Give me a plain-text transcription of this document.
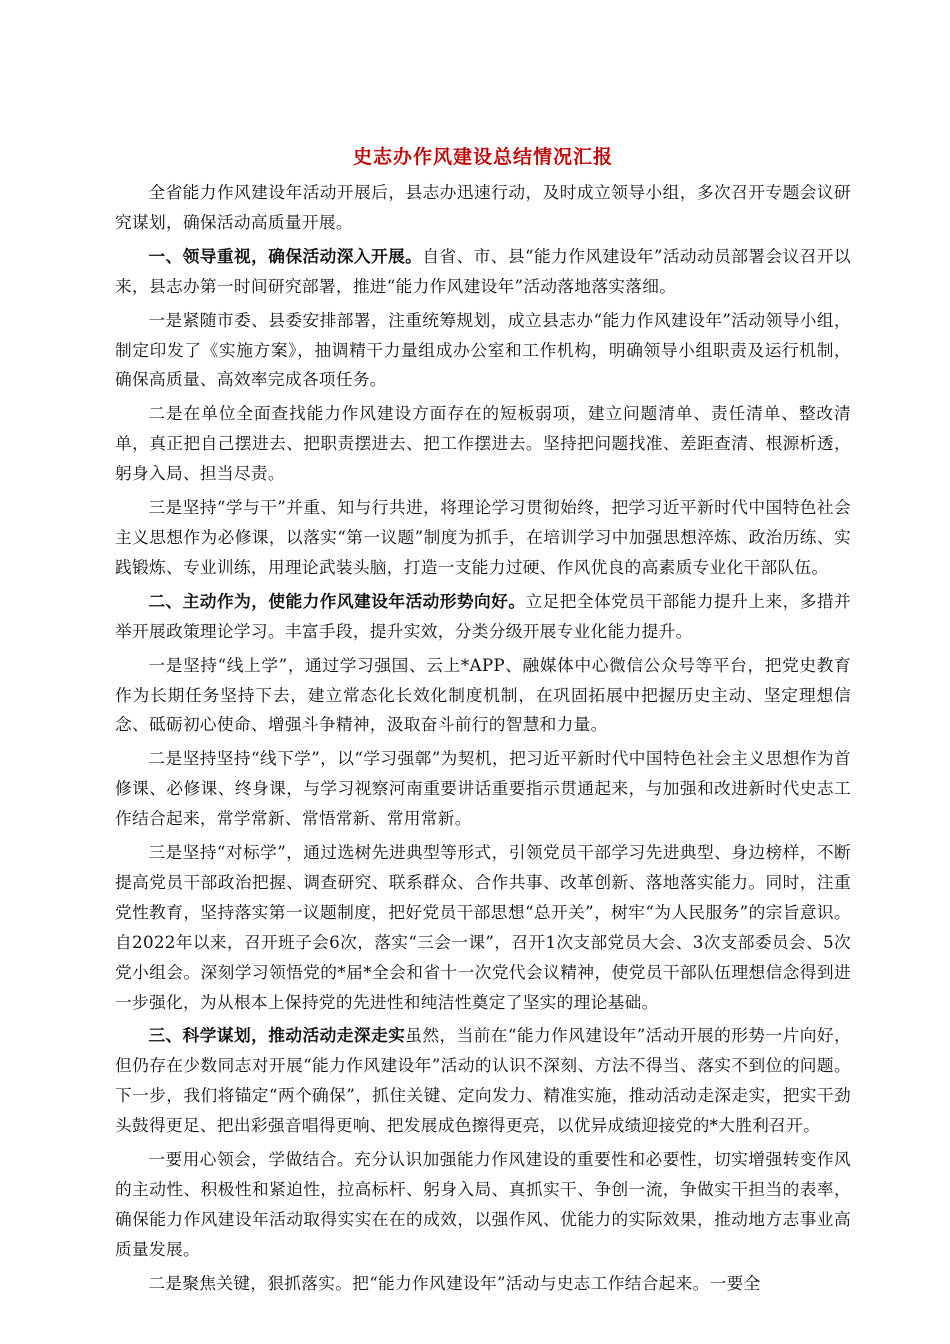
史志办作风建设总结情况汇报

全省能力作风建设年活动开展后，县志办迅速行动，及时成立领导小组，多次召开专题会议研究谋划，确保活动高质量开展。

一、领导重视，确保活动深入开展。自省、市、县“能力作风建设年”活动动员部署会议召开以来，县志办第一时间研究部署，推进“能力作风建设年”活动落地落实落细。

一是紧随市委、县委安排部署，注重统筹规划，成立县志办“能力作风建设年”活动领导小组，制定印发了《实施方案》，抽调精干力量组成办公室和工作机构，明确领导小组职责及运行机制，确保高质量、高效率完成各项任务。

二是在单位全面查找能力作风建设方面存在的短板弱项，建立问题清单、责任清单、整改清单，真正把自己摆进去、把职责摆进去、把工作摆进去。坚持把问题找准、差距查清、根源析透，躬身入局、担当尽责。

三是坚持“学与干”并重、知与行共进，将理论学习贯彻始终，把学习近平新时代中国特色社会主义思想作为必修课，以落实“第一议题”制度为抓手，在培训学习中加强思想淬炼、政治历练、实践锻炼、专业训练，用理论武装头脑，打造一支能力过硬、作风优良的高素质专业化干部队伍。

二、主动作为，使能力作风建设年活动形势向好。立足把全体党员干部能力提升上来，多措并举开展政策理论学习。丰富手段，提升实效，分类分级开展专业化能力提升。

一是坚持“线上学”，通过学习强国、云上*APP、融媒体中心微信公众号等平台，把党史教育作为长期任务坚持下去，建立常态化长效化制度机制，在巩固拓展中把握历史主动、坚定理想信念、砥砺初心使命、增强斗争精神，汲取奋斗前行的智慧和力量。

二是坚持坚持“线下学”，以“学习强鄣”为契机，把习近平新时代中国特色社会主义思想作为首修课、必修课、终身课，与学习视察河南重要讲话重要指示贯通起来，与加强和改进新时代史志工作结合起来，常学常新、常悟常新、常用常新。

三是坚持“对标学”，通过选树先进典型等形式，引领党员干部学习先进典型、身边榜样，不断提高党员干部政治把握、调查研究、联系群众、合作共事、改革创新、落地落实能力。同时，注重党性教育，坚持落实第一议题制度，把好党员干部思想“总开关”，树牢“为人民服务”的宗旨意识。自2022年以来，召开班子会6次，落实“三会一课”，召开1次支部党员大会、3次支部委员会、5次党小组会。深刻学习领悟党的*届*全会和省十一次党代会议精神，使党员干部队伍理想信念得到进一步强化，为从根本上保持党的先进性和纯洁性奠定了坚实的理论基础。

三、科学谋划，推动活动走深走实虽然，当前在“能力作风建设年”活动开展的形势一片向好，但仍存在少数同志对开展“能力作风建设年”活动的认识不深刻、方法不得当、落实不到位的问题。下一步，我们将锚定“两个确保”，抓住关键、定向发力、精准实施，推动活动走深走实，把实干劲头鼓得更足、把出彩强音唱得更响、把发展成色擦得更亮，以优异成绩迎接党的*大胜利召开。

一要用心领会，学做结合。充分认识加强能力作风建设的重要性和必要性，切实增强转变作风的主动性、积极性和紧迫性，拉高标杆、躬身入局、真抓实干、争创一流，争做实干担当的表率，确保能力作风建设年活动取得实实在在的成效，以强作风、优能力的实际效果，推动地方志事业高质量发展。

二是聚焦关键，狠抓落实。把“能力作风建设年”活动与史志工作结合起来。一要全
